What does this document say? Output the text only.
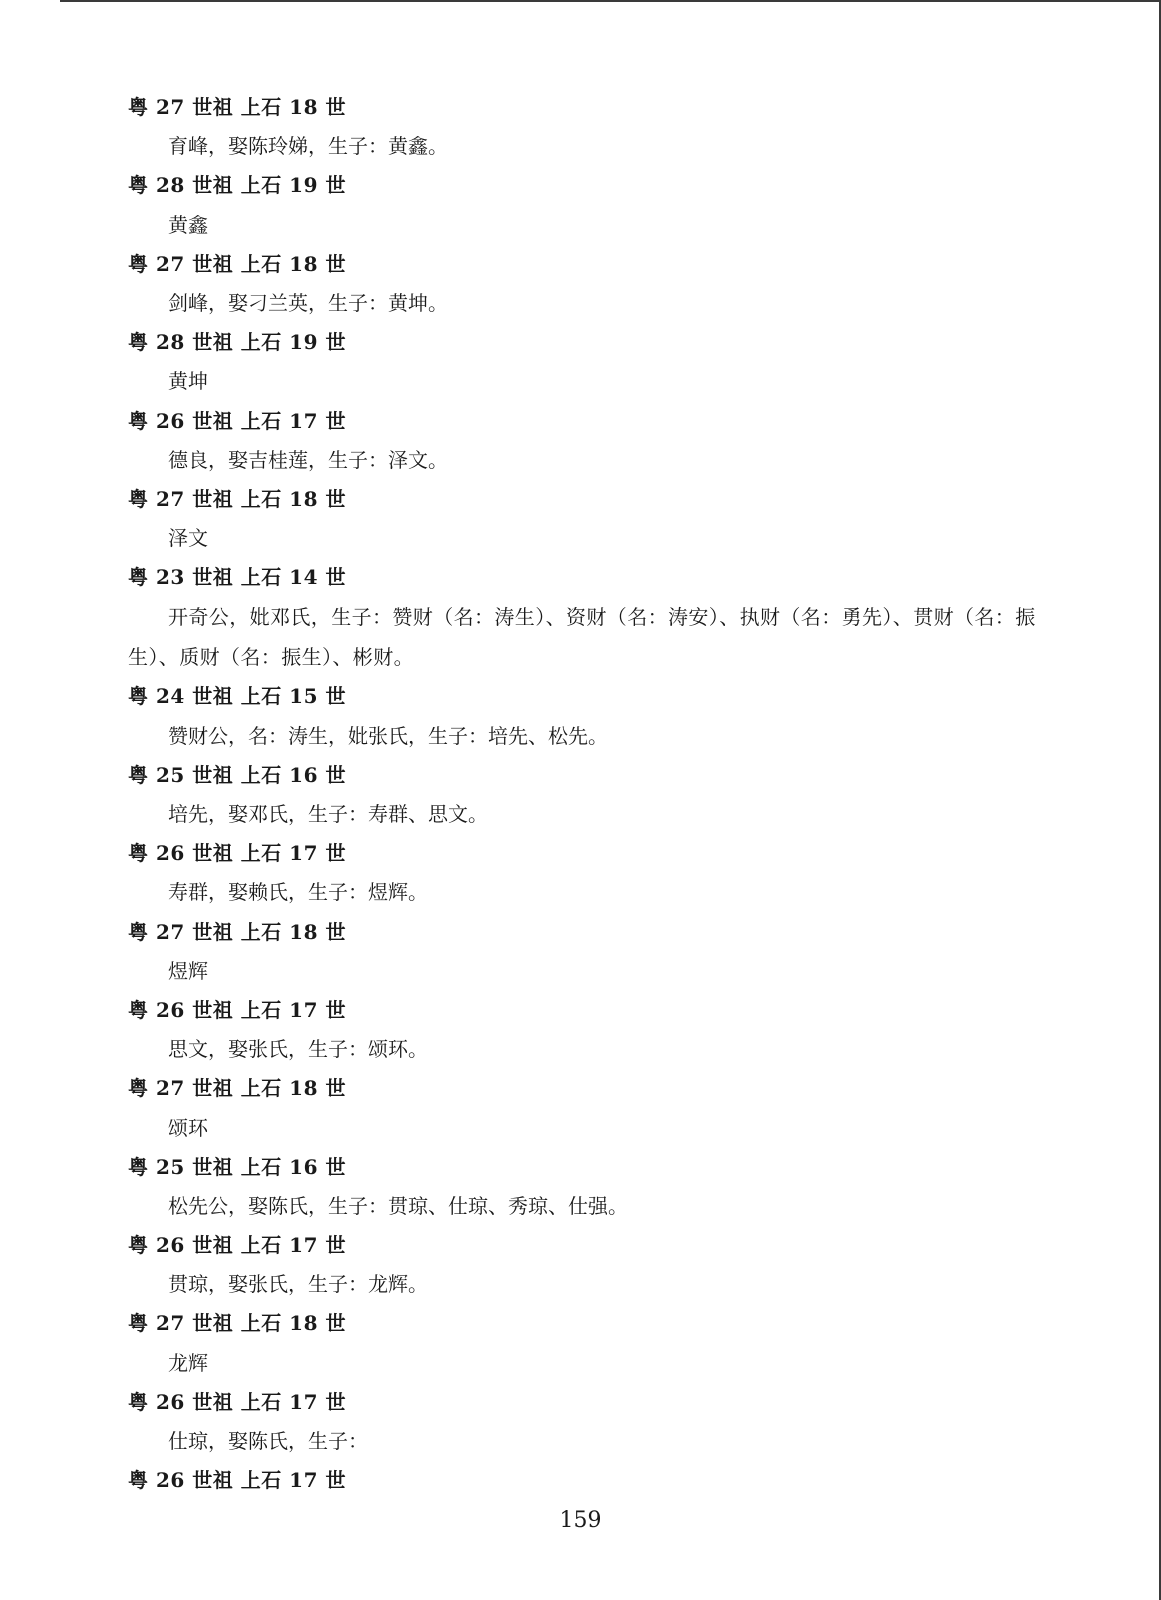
粤 27 世祖 上石 18 世
育峰，娶陈玲娣，生子：黄鑫。
粤 28 世祖 上石 19 世
黄鑫
粤 27 世祖 上石 18 世
剑峰，娶刁兰英，生子：黄坤。
粤 28 世祖 上石 19 世
黄坤
粤 26 世祖 上石 17 世
德良，娶吉桂莲，生子：泽文。
粤 27 世祖 上石 18 世
泽文
粤 23 世祖 上石 14 世
开奇公，妣邓氏，生子：赞财（名：涛生）、资财（名：涛安）、执财（名：勇先）、贯财（名：振生）、质财（名：振生）、彬财。
粤 24 世祖 上石 15 世
赞财公，名：涛生，妣张氏，生子：培先、松先。
粤 25 世祖 上石 16 世
培先，娶邓氏，生子：寿群、思文。
粤 26 世祖 上石 17 世
寿群，娶赖氏，生子：煜辉。
粤 27 世祖 上石 18 世
煜辉
粤 26 世祖 上石 17 世
思文，娶张氏，生子：颂环。
粤 27 世祖 上石 18 世
颂环
粤 25 世祖 上石 16 世
松先公，娶陈氏，生子：贯琼、仕琼、秀琼、仕强。
粤 26 世祖 上石 17 世
贯琼，娶张氏，生子：龙辉。
粤 27 世祖 上石 18 世
龙辉
粤 26 世祖 上石 17 世
仕琼，娶陈氏，生子：
粤 26 世祖 上石 17 世
159
